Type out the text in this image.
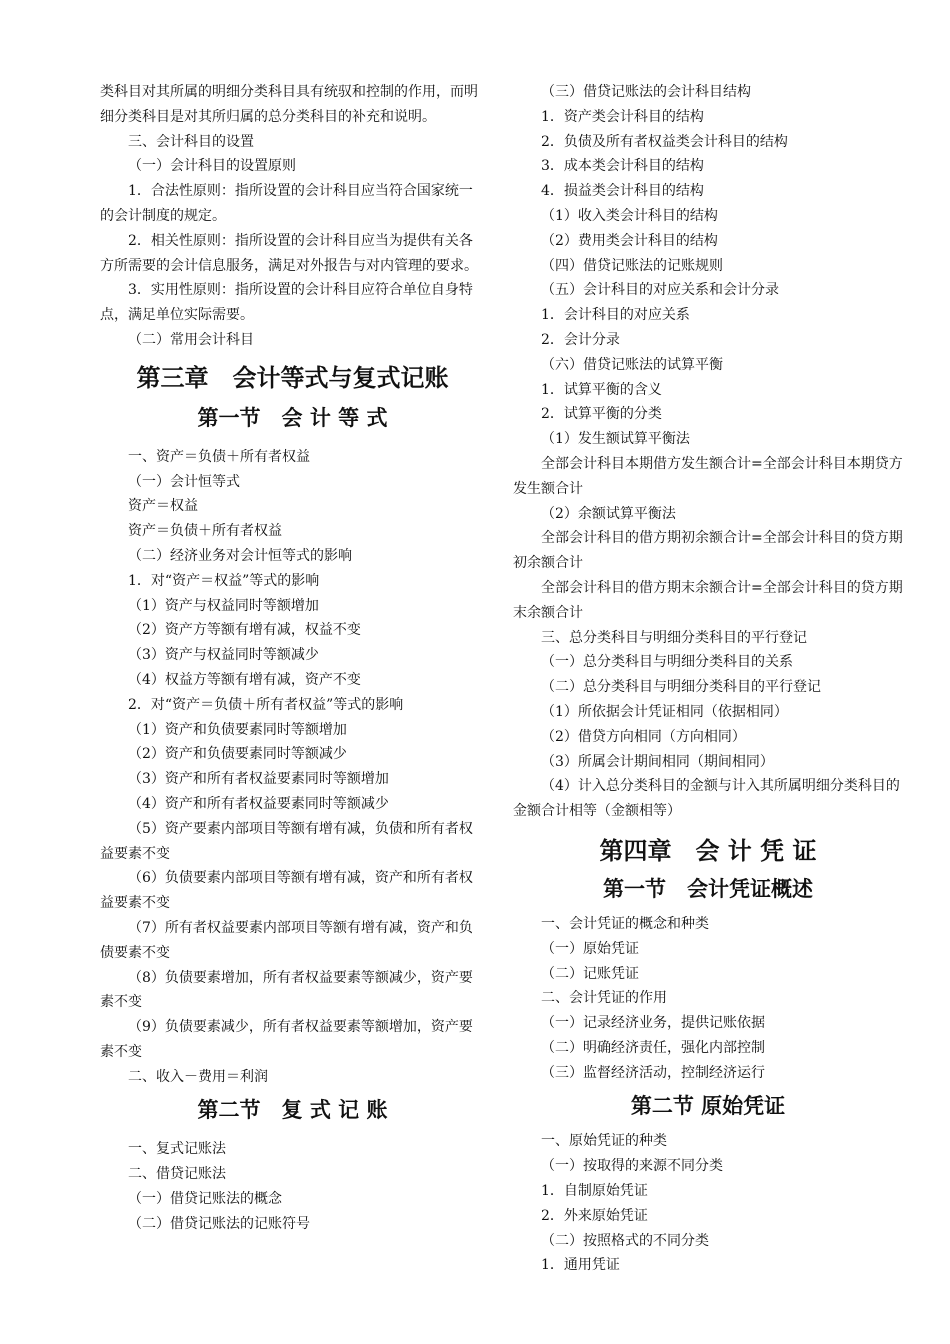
类科目对其所属的明细分类科目具有统驭和控制的作用，而明细分类科目是对其所归属的总分类科目的补充和说明。

三、会计科目的设置

（一）会计科目的设置原则

1．合法性原则：指所设置的会计科目应当符合国家统一的会计制度的规定。

2．相关性原则：指所设置的会计科目应当为提供有关各方所需要的会计信息服务，满足对外报告与对内管理的要求。

3．实用性原则：指所设置的会计科目应符合单位自身特点，满足单位实际需要。

（二）常用会计科目

第三章　会计等式与复式记账
第一节　会 计 等 式

一、资产＝负债＋所有者权益

（一）会计恒等式

资产＝权益

资产＝负债＋所有者权益

（二）经济业务对会计恒等式的影响

1．对“资产＝权益”等式的影响

（1）资产与权益同时等额增加

（2）资产方等额有增有减，权益不变

（3）资产与权益同时等额减少

（4）权益方等额有增有减，资产不变

2．对“资产＝负债＋所有者权益”等式的影响

（1）资产和负债要素同时等额增加

（2）资产和负债要素同时等额减少

（3）资产和所有者权益要素同时等额增加

（4）资产和所有者权益要素同时等额减少

（5）资产要素内部项目等额有增有减，负债和所有者权益要素不变

（6）负债要素内部项目等额有增有减，资产和所有者权益要素不变

（7）所有者权益要素内部项目等额有增有减，资产和负债要素不变

（8）负债要素增加，所有者权益要素等额减少，资产要素不变

（9）负债要素减少，所有者权益要素等额增加，资产要素不变

二、收入－费用＝利润

第二节　复 式 记 账

一、复式记账法

二、借贷记账法

（一）借贷记账法的概念

（二）借贷记账法的记账符号

（三）借贷记账法的会计科目结构

1．资产类会计科目的结构

2．负债及所有者权益类会计科目的结构

3．成本类会计科目的结构

4．损益类会计科目的结构

（1）收入类会计科目的结构

（2）费用类会计科目的结构

（四）借贷记账法的记账规则

（五）会计科目的对应关系和会计分录

1．会计科目的对应关系

2．会计分录

（六）借贷记账法的试算平衡

1．试算平衡的含义

2．试算平衡的分类

（1）发生额试算平衡法

全部会计科目本期借方发生额合计=全部会计科目本期贷方发生额合计

（2）余额试算平衡法

全部会计科目的借方期初余额合计=全部会计科目的贷方期初余额合计

全部会计科目的借方期末余额合计=全部会计科目的贷方期末余额合计

三、总分类科目与明细分类科目的平行登记

（一）总分类科目与明细分类科目的关系

（二）总分类科目与明细分类科目的平行登记

（1）所依据会计凭证相同（依据相同）

（2）借贷方向相同（方向相同）

（3）所属会计期间相同（期间相同）

（4）计入总分类科目的金额与计入其所属明细分类科目的金额合计相等（金额相等）

第四章　会 计 凭 证
第一节　会计凭证概述

一、会计凭证的概念和种类

（一）原始凭证

（二）记账凭证

二、会计凭证的作用

（一）记录经济业务，提供记账依据

（二）明确经济责任，强化内部控制

（三）监督经济活动，控制经济运行

第二节 原始凭证

一、原始凭证的种类

（一）按取得的来源不同分类

1．自制原始凭证

2．外来原始凭证

（二）按照格式的不同分类

1．通用凭证
